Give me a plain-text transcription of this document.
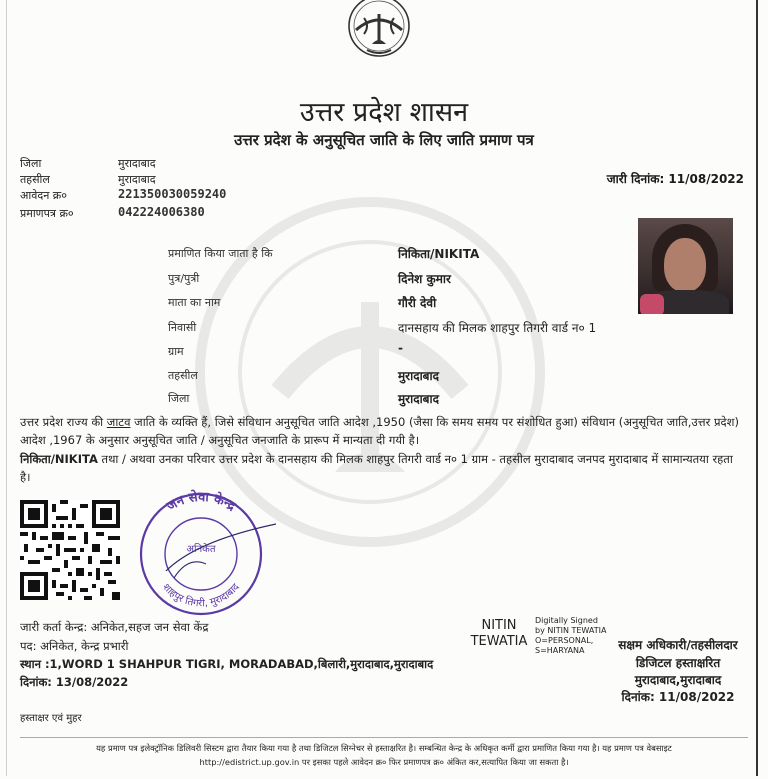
उत्तर प्रदेश शासन
उत्तर प्रदेश के अनुसूचित जाति के लिए जाति प्रमाण पत्र
जिला	मुरादाबाद
तहसील	मुरादाबाद
आवेदन क्र०	221350030059240
प्रमाणपत्र क्र०	042224006380
जारी दिनांक: 11/08/2022
प्रमाणित किया जाता है कि	निकिता/NIKITA
पुत्र/पुत्री	दिनेश कुमार
माता का नाम	गौरी देवी
निवासी	दानसहाय की मिलक शाहपुर तिगरी वार्ड न० 1
ग्राम	-
तहसील	मुरादाबाद
जिला	मुरादाबाद
उत्तर प्रदेश राज्य की जाटव जाति के व्यक्ति हैं, जिसे संविधान अनुसूचित जाति आदेश ,1950 (जैसा कि समय समय पर संशोधित हुआ) संविधान (अनुसूचित जाति,उत्तर प्रदेश) आदेश ,1967 के अनुसार अनुसूचित जाति / अनुसूचित जनजाति के प्रारूप में मान्यता दी गयी है।
निकिता/NIKITA तथा / अथवा उनका परिवार उत्तर प्रदेश के दानसहाय की मिलक शाहपुर तिगरी वार्ड न० 1 ग्राम - तहसील मुरादाबाद जनपद मुरादाबाद में सामान्यतया रहता है।
जन सेवा केन्द्र
शाहपुर तिगरी, मुरादाबाद
अनिकेत
जारी कर्ता केन्द्र: अनिकेत,सहज जन सेवा केंद्र
पद: अनिकेत, केन्द्र प्रभारी
स्थान :1,WORD 1 SHAHPUR TIGRI, MORADABAD,बिलारी,मुरादाबाद,मुरादाबाद
दिनांक: 13/08/2022
हस्ताक्षर एवं मुहर
NITIN TEWATIA
Digitally Signed by NITIN TEWATIA O=PERSONAL, S=HARYANA	सक्षम अधिकारी/तहसीलदार
डिजिटल हस्ताक्षरित
मुरादाबाद,मुरादाबाद
दिनांक: 11/08/2022
यह प्रमाण पत्र इलेक्ट्रॉनिक डिलिवरी सिस्टम द्वारा तैयार किया गया है तथा डिजिटल सिग्नेचर से हस्ताक्षरित है। सम्बन्धित केन्द्र के अधिकृत कर्मी द्वारा प्रमाणित किया गया है। यह प्रमाण पत्र वेबसाइट
http://edistrict.up.gov.in पर इसका पहले आवेदन क्र० फिर प्रमाणपत्र क्र० अंकित कर,सत्यापित किया जा सकता है।
